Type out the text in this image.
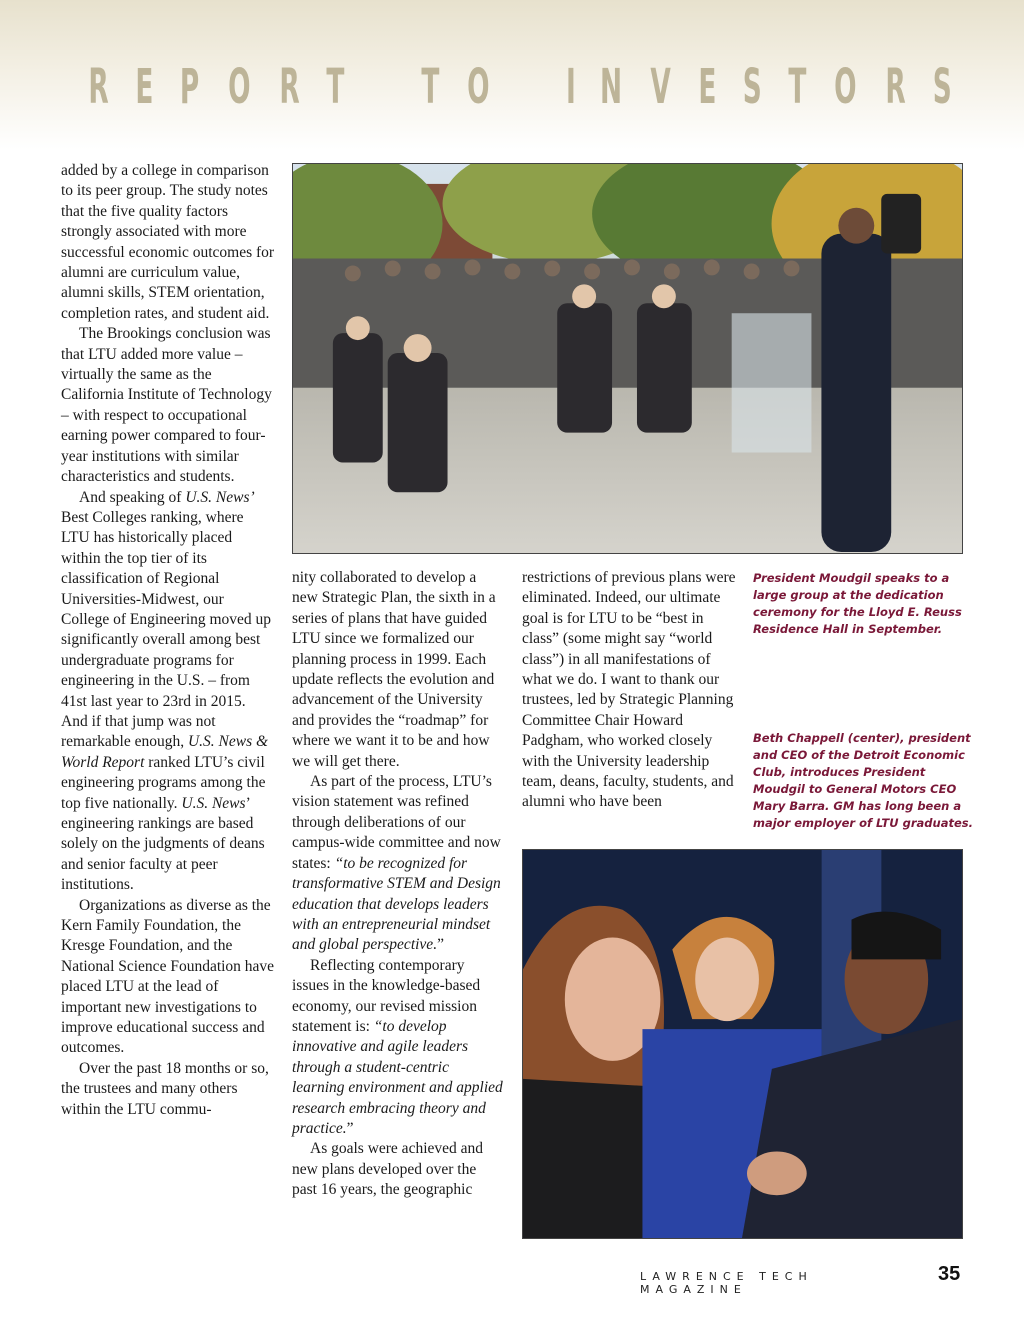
R E P O R T T O I N V E S T O R S

added by a college in comparison to its peer group. The study notes that the five quality factors strongly associated with more successful economic outcomes for alumni are curriculum value, alumni skills, STEM orientation, completion rates, and student aid.

The Brookings conclusion was that LTU added more value – virtually the same as the California Institute of Technology – with respect to occupational earning power compared to four-year institutions with similar characteristics and students.

And speaking of U.S. News’ Best Colleges ranking, where LTU has historically placed within the top tier of its classification of Regional Universities-Midwest, our College of Engineering moved up significantly overall among best undergraduate programs for engineering in the U.S. – from 41st last year to 23rd in 2015. And if that jump was not remarkable enough, U.S. News & World Report ranked LTU’s civil engineering programs among the top five nationally. U.S. News’ engineering rankings are based solely on the judgments of deans and senior faculty at peer institutions.

Organizations as diverse as the Kern Family Foundation, the Kresge Foundation, and the National Science Foundation have placed LTU at the lead of important new investigations to improve educational success and outcomes.

Over the past 18 months or so, the trustees and many others within the LTU commu-

nity collaborated to develop a new Strategic Plan, the sixth in a series of plans that have guided LTU since we formalized our planning process in 1999. Each update reflects the evolution and advancement of the University and provides the “roadmap” for where we want it to be and how we will get there.

As part of the process, LTU’s vision statement was refined through deliberations of our campus-wide committee and now states: “to be recognized for transformative STEM and Design education that develops leaders with an entrepreneurial mindset and global perspective.”

Reflecting contemporary issues in the knowledge-based economy, our revised mission statement is: “to develop innovative and agile leaders through a student-centric learning environment and applied research embracing theory and practice.”

As goals were achieved and new plans developed over the past 16 years, the geographic

restrictions of previous plans were eliminated. Indeed, our ultimate goal is for LTU to be “best in class” (some might say “world class”) in all manifestations of what we do. I want to thank our trustees, led by Strategic Planning Committee Chair Howard Padgham, who worked closely with the University leadership team, deans, faculty, students, and alumni who have been

President Moudgil speaks to a large group at the dedication ceremony for the Lloyd E. Reuss Residence Hall in September.
Beth Chappell (center), president and CEO of the Detroit Economic Club, introduces President Moudgil to General Motors CEO Mary Barra. GM has long been a major employer of LTU graduates.
LAWRENCE TECH MAGAZINE
35
